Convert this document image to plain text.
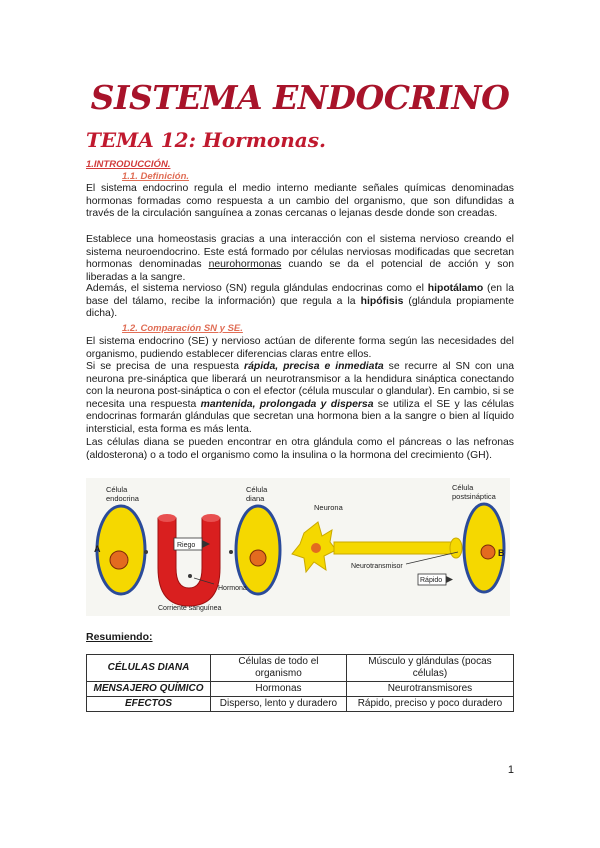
SISTEMA ENDOCRINO
TEMA 12: Hormonas.
1.INTRODUCCIÓN.
1.1. Definición.

El sistema endocrino regula el medio interno mediante señales químicas denominadas hormonas formadas como respuesta a un cambio del organismo, que son difundidas a través de la circulación sanguínea a zonas cercanas o lejanas desde donde son creadas.

Establece una homeostasis gracias a una interacción con el sistema nervioso creando el sistema neuroendocrino. Este está formado por células nerviosas modificadas que secretan hormonas denominadas neurohormonas cuando se da el potencial de acción y son liberadas a la sangre.

Además, el sistema nervioso (SN) regula glándulas endocrinas como el hipotálamo (en la base del tálamo, recibe la información) que regula a la hipófisis (glándula propiamente dicha).

1.2. Comparación SN y SE.

El sistema endocrino (SE) y nervioso actúan de diferente forma según las necesidades del organismo, pudiendo establecer diferencias claras entre ellos.

Si se precisa de una respuesta rápida, precisa e inmediata se recurre al SN con una neurona pre-sináptica que liberará un neurotransmisor a la hendidura sináptica conectando con la neurona post-sináptica o con el efector (célula muscular o glandular). En cambio, si se necesita una respuesta mantenida, prolongada y dispersa se utiliza el SE y las células endocrinas formarán glándulas que secretan una hormona bien a la sangre o bien al líquido intersticial, esta forma es más lenta.

Las células diana se pueden encontrar en otra glándula como el páncreas o las nefronas (aldosterona) o a todo el organismo como la insulina o la hormona del crecimiento (GH).

A
Célula
endocrina
Célula
diana
Riego
Hormona
Corriente sanguínea
B
Neurona
Célula
postsináptica
Neurotransmisor
Rápido
Resumiendo:
CÉLULAS DIANA	Células de todo el organismo	Músculo y glándulas (pocas células)
MENSAJERO QUÍMICO	Hormonas	Neurotransmisores
EFECTOS	Disperso, lento y duradero	Rápido, preciso y poco duradero
1
